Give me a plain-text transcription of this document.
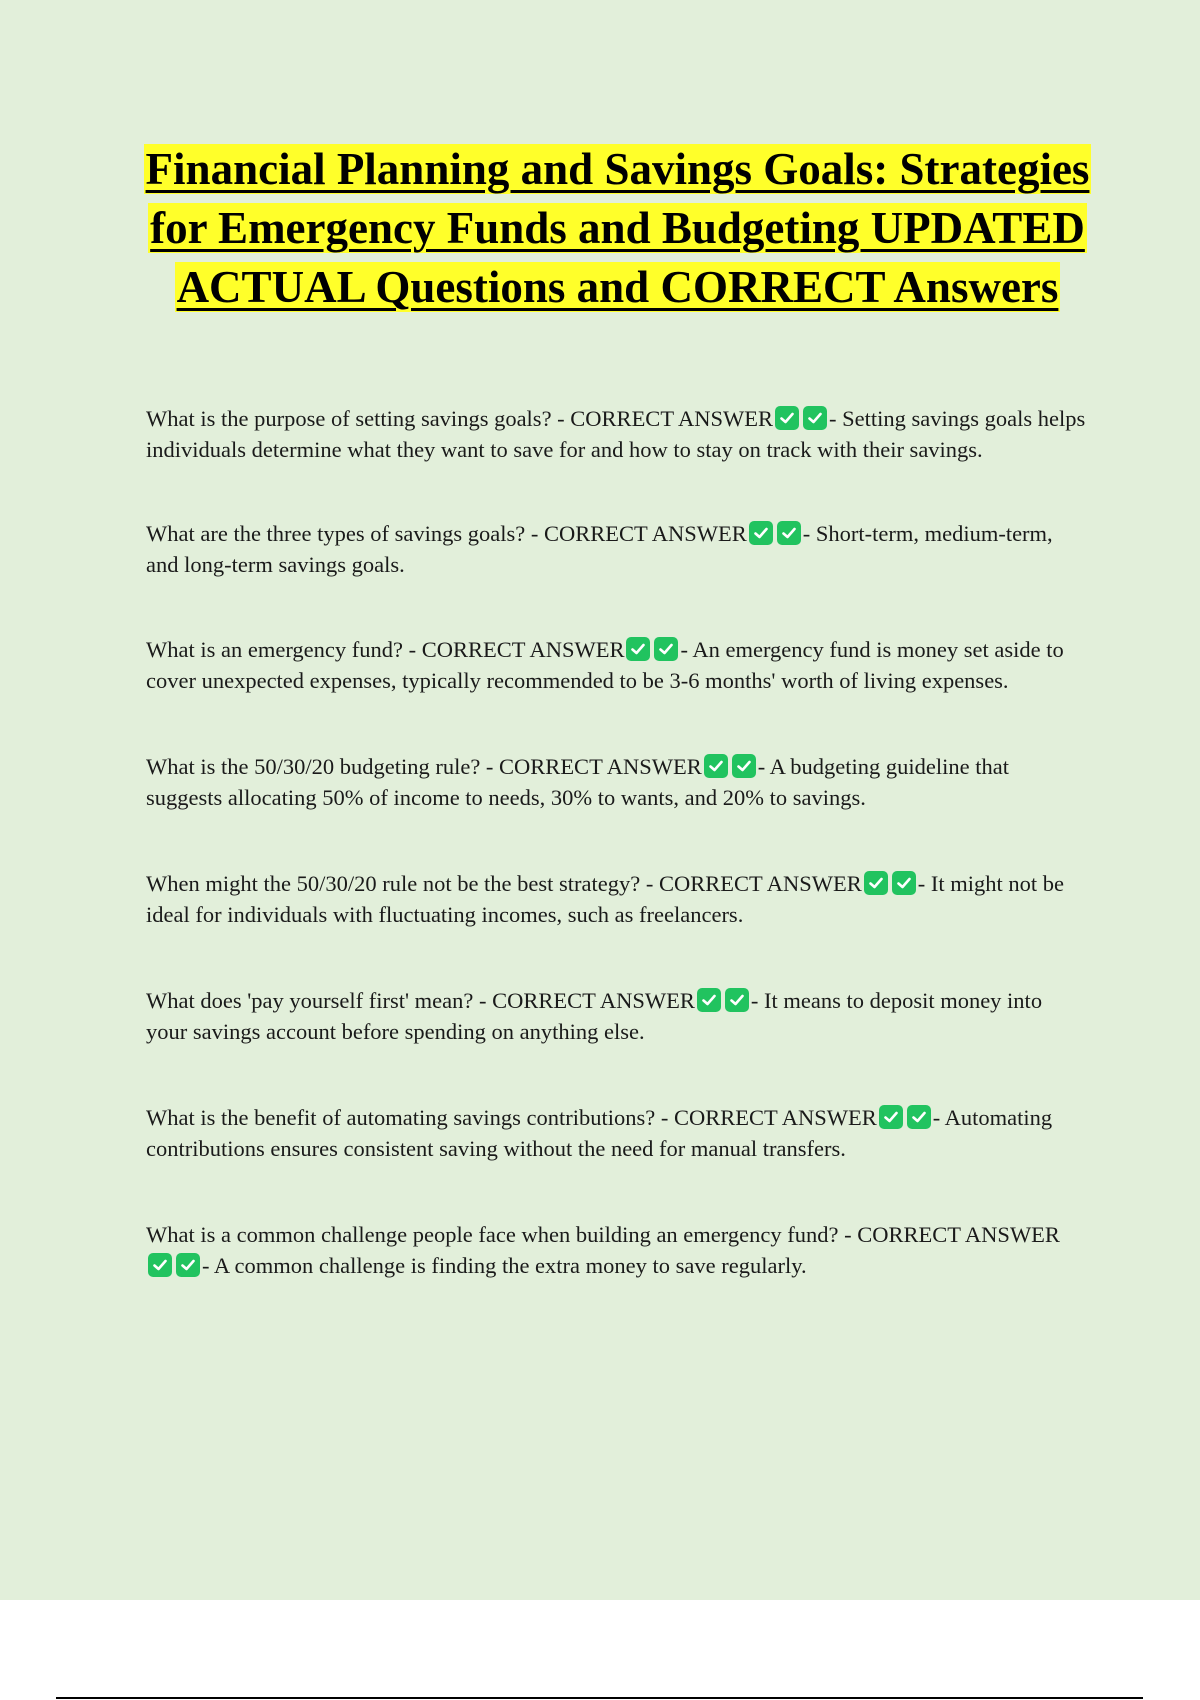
Financial Planning and Savings Goals: Strategies for Emergency Funds and Budgeting UPDATED ACTUAL Questions and CORRECT Answers

What is the purpose of setting savings goals? - CORRECT ANSWER - Setting savings goals helps individuals determine what they want to save for and how to stay on track with their savings.

What are the three types of savings goals? - CORRECT ANSWER - Short-term, medium-term, and long-term savings goals.

What is an emergency fund? - CORRECT ANSWER - An emergency fund is money set aside to cover unexpected expenses, typically recommended to be 3-6 months' worth of living expenses.

What is the 50/30/20 budgeting rule? - CORRECT ANSWER - A budgeting guideline that suggests allocating 50% of income to needs, 30% to wants, and 20% to savings.

When might the 50/30/20 rule not be the best strategy? - CORRECT ANSWER - It might not be ideal for individuals with fluctuating incomes, such as freelancers.

What does 'pay yourself first' mean? - CORRECT ANSWER - It means to deposit money into your savings account before spending on anything else.

What is the benefit of automating savings contributions? - CORRECT ANSWER - Automating contributions ensures consistent saving without the need for manual transfers.

What is a common challenge people face when building an emergency fund? - CORRECT ANSWER
- A common challenge is finding the extra money to save regularly.
